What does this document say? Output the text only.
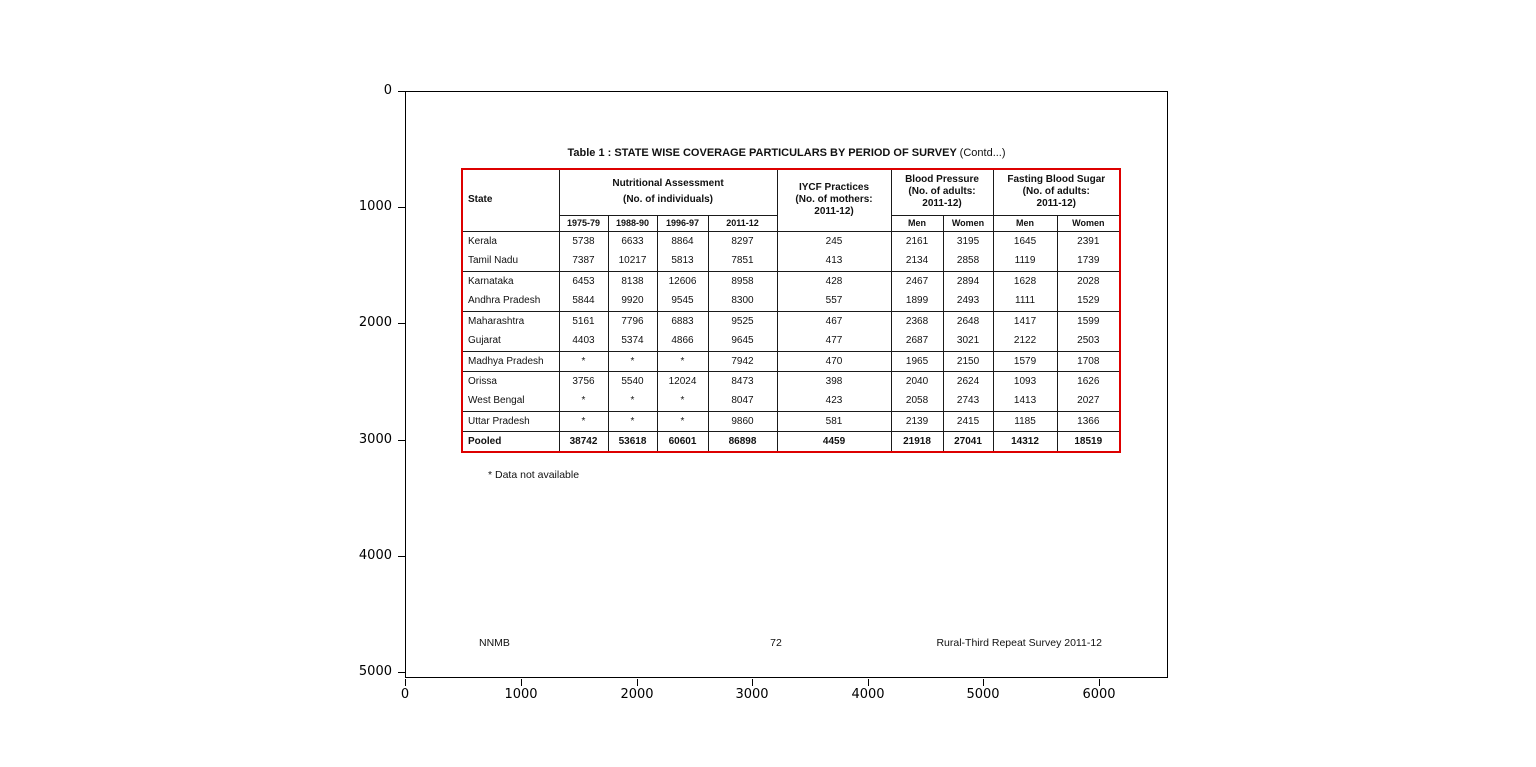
0
1000
2000
3000
4000
5000
0	1000	2000	3000	4000	5000	6000
Table 1 : STATE WISE COVERAGE PARTICULARS BY PERIOD OF SURVEY (Contd...)
State	
Nutritional Assessment
(No. of individuals)

IYCF Practices
(No. of mothers:
2011-12)

Blood Pressure
(No. of adults:
2011-12)

Fasting Blood Sugar
(No. of adults:
2011-12)

	1975-79	1988-90	1996-97	2011-12		Men	Women	Men	Women
Kerala	5738	6633	8864	8297	245	2161	3195	1645	2391
Tamil Nadu	7387	10217	5813	7851	413	2134	2858	1119	1739
Karnataka	6453	8138	12606	8958	428	2467	2894	1628	2028
Andhra Pradesh	5844	9920	9545	8300	557	1899	2493	1111	1529
Maharashtra	5161	7796	6883	9525	467	2368	2648	1417	1599
Gujarat	4403	5374	4866	9645	477	2687	3021	2122	2503
Madhya Pradesh	*	*	*	7942	470	1965	2150	1579	1708
Orissa	3756	5540	12024	8473	398	2040	2624	1093	1626
West Bengal	*	*	*	8047	423	2058	2743	1413	2027
Uttar Pradesh	*	*	*	9860	581	2139	2415	1185	1366
Pooled	38742	53618	60601	86898	4459	21918	27041	14312	18519
* Data not available
NNMB	72	Rural-Third Repeat Survey 2011-12
